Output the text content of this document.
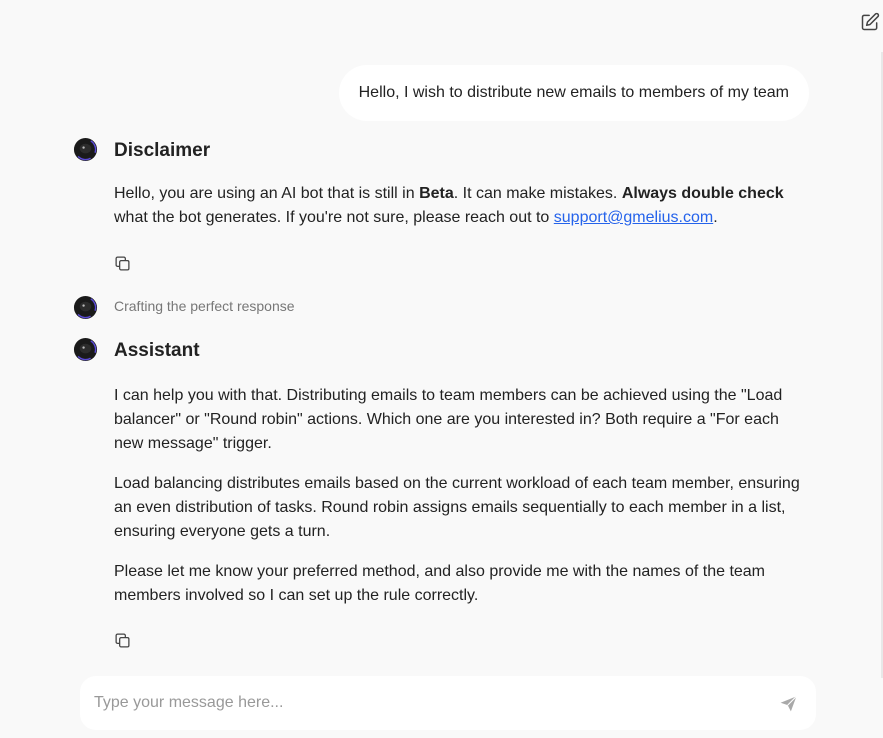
Hello, I wish to distribute new emails to members of my team
Disclaimer
Hello, you are using an AI bot that is still in Beta. It can make mistakes. Always double check what the bot generates. If you're not sure, please reach out to support@gmelius.com.
Crafting the perfect response
Assistant

I can help you with that. Distributing emails to team members can be achieved using the "Load balancer" or "Round robin" actions. Which one are you interested in? Both require a "For each new message" trigger.

Load balancing distributes emails based on the current workload of each team member, ensuring an even distribution of tasks. Round robin assigns emails sequentially to each member in a list, ensuring everyone gets a turn.

Please let me know your preferred method, and also provide me with the names of the team members involved so I can set up the rule correctly.

Type your message here...
